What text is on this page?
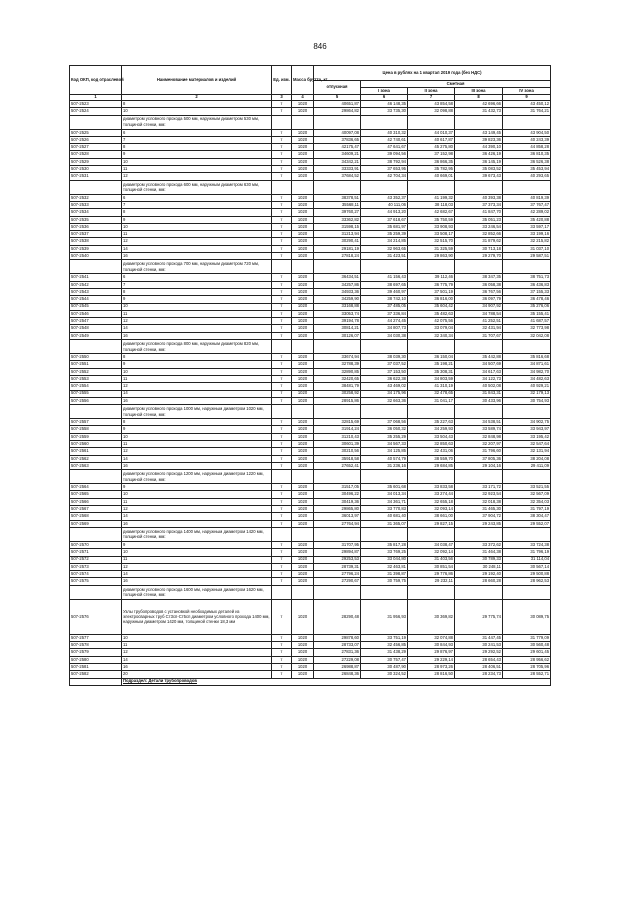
846
Код ОКП, код отраслевой	Наименование материалов и изделий	Ед. изм.	Масса брутто, кг	Цена в рублях на 1 квартал 2019 года (без НДС)				
				отпускная	Сметная			
					I зона	II зона	III зона	IV зона
1	2	3	4	5	6	7	8	9
507-2523	8	т	1020	40651,87	46 148,35	43 854,58	42 696,66	43 450,12
507-2524	10	т	1020	29864,82	33 735,30	32 098,88	31 432,73	31 764,21
	диаметром условного прохода 500 мм, наружным диаметром 530 мм, толщиной стенки, мм:							
507-2525	6	т	1020	40097,08	40 310,32	44 010,37	43 149,45	43 904,50
507-2526	7	т	1020	37836,65	42 740,61	40 617,87	39 823,36	40 243,39
507-2527	8	т	1020	42175,47	47 641,67	45 275,80	44 390,10	44 858,28
507-2528	9	т	1020	34609,21	39 094,56	37 152,98	36 426,19	36 810,35
507-2529	10	т	1020	34342,21	38 792,94	36 866,35	36 145,19	36 526,38
507-2530	11	т	1020	33333,91	37 653,95	35 782,95	35 083,52	35 453,94
507-2531	12	т	1020	37684,52	42 704,34	40 669,01	39 673,43	40 293,65
	диаметром условного прохода 600 мм, наружным диаметром 630 мм, толщиной стенки, мм:							
507-2532	6	т	1020	38378,51	43 352,37	41 199,32	40 393,38	40 819,39
507-2533	7	т	1020	35568,11	40 111,06	38 118,03	37 373,34	37 767,47
507-2534	8	т	1020	39760,27	44 913,20	42 682,67	41 847,70	42 289,02
507-2535	9	т	1020	33362,82	37 618,67	35 750,59	35 051,23	35 420,88
507-2536	10	т	1020	31598,15	35 681,97	33 908,93	33 246,54	33 597,17
507-2537	11	т	1020	31213,94	35 259,39	33 508,17	32 852,66	33 199,16
507-2538	12	т	1020	30290,41	34 214,85	32 515,70	31 879,62	32 215,82
507-2539	14	т	1020	29181,19	32 963,65	31 325,59	30 713,18	31 037,10
507-2540	16	т	1020	27818,24	31 423,51	29 863,90	29 279,70	29 587,51
	диаметром условного прохода 700 мм, наружным диаметром 720 мм, толщиной стенки, мм:							
507-2541	6	т	1020	36434,51	41 156,43	39 112,46	38 347,35	38 751,73
507-2542	7	т	1020	34257,86	38 697,65	36 775,79	36 058,38	36 436,83
507-2543	8	т	1020	34933,36	39 460,97	37 501,19	36 767,56	37 155,33
507-2544	9	т	1020	34259,90	38 742,10	36 816,00	36 097,79	36 478,46
507-2545	10	т	1020	33168,88	37 485,05	35 604,42	34 907,92	35 276,06
507-2546	11	т	1020	33053,74	37 336,84	35 482,63	34 788,54	35 155,41
507-2547	12	т	1020	39194,78	44 274,45	42 075,56	41 252,51	41 687,57
507-2548	14	т	1020	30814,21	34 807,73	33 079,04	32 431,94	32 773,98
507-2549	16	т	1020	30126,07	34 030,38	32 340,34	31 707,67	32 042,08
	диаметром условного прохода 800 мм, наружным диаметром 820 мм, толщиной стенки, мм:							
507-2550	8	т	1020	33674,94	38 039,30	36 150,04	35 442,88	35 816,68
507-2551	9	т	1020	32788,39	37 037,52	35 198,21	34 507,69	34 871,61
507-2552	10	т	1020	32890,85	37 153,50	35 308,31	34 617,63	34 982,70
507-2553	11	т	1020	32420,65	36 622,38	34 803,59	34 122,73	34 482,63
507-2554	12	т	1020	38481,79	43 469,02	41 310,19	40 502,08	40 929,21
507-2555	14	т	1020	30258,92	34 175,96	32 478,65	31 843,31	32 179,13
507-2556	16	т	1020	28915,86	32 663,36	31 041,17	30 433,96	30 754,93
	диаметром условного прохода 1000 мм, наружным диаметром 1020 мм, толщиной стенки, мм:							
507-2557	8	т	1020	32815,69	37 068,56	35 227,63	34 538,51	34 902,75
507-2558	9	т	1020	31914,24	36 050,32	34 259,93	33 589,74	33 943,97
507-2559	10	т	1020	31210,43	35 255,29	33 504,43	32 848,98	33 195,42
507-2560	11	т	1020	30601,39	34 567,33	32 850,63	32 207,97	32 547,64
507-2561	12	т	1020	30210,56	34 125,85	32 431,06	31 796,60	32 131,94
507-2562	14	т	1020	35918,58	40 574,79	38 559,70	37 805,36	38 204,08
507-2563	16	т	1020	27652,41	31 236,16	29 684,85	29 104,16	29 411,09
	диаметром условного прохода 1200 мм, наружным диаметром 1220 мм, толщиной стенки, мм:							
507-2564	9	т	1020	31517,05	35 601,68	33 833,58	33 171,72	33 521,55
507-2565	10	т	1020	30496,22	34 013,34	33 274,44	32 923,54	32 567,09
507-2566	11	т	1020	30419,36	34 361,71	32 655,18	32 018,38	32 354,03
507-2567	12	т	1020	29865,80	33 770,83	32 093,14	31 465,30	31 797,19
507-2568	14	т	1020	36013,97	40 681,40	38 661,00	37 904,72	38 304,47
507-2569	16	т	1020	27764,94	31 365,07	29 827,15	29 243,85	29 552,07
	диаметром условного прохода 1400 мм, наружным диаметром 1420 мм, толщиной стенки, мм:							
507-2570	9	т	1020	31707,95	35 817,28	34 038,47	33 372,62	33 724,38
507-2571	10	т	1020	29894,87	33 769,25	32 092,14	31 464,38	31 796,19
507-2572	11	т	1020	29253,53	33 044,80	31 403,56	30 789,33	31 114,04
507-2573	12	т	1020	28739,31	32 463,81	30 851,54	30 248,11	30 567,14
507-2574	14	т	1020	27796,24	31 398,87	29 776,86	29 192,40	29 500,88
507-2575	16	т	1020	27290,67	30 759,75	29 232,11	28 660,28	28 962,53
	диаметром условного прохода 1600 мм, наружным диаметром 1620 мм, толщиной стенки, мм:							
507-2576	Узлы трубопроводов с установкой необходимых деталей из электросварных труб Ст3сп-Ст5сп диаметром условного прохода 1400 мм, наружным диаметром 1420 мм, толщиной стенки 18,3 мм	т	1020	28290,48	31 956,93	30 369,82	29 775,74	30 089,75
507-2577	10	т	1020	29878,60	33 751,19	32 074,88	31 447,45	31 779,09
507-2578	11	т	1020	28733,07	32 456,85	30 844,93	30 241,53	30 560,48
507-2579	12	т	1020	27831,36	31 438,29	29 876,97	29 292,52	29 601,45
507-2580	14	т	1020	27229,08	30 757,47	29 229,14	28 654,43	28 956,62
507-2581	16	т	1020	26988,87	30 487,90	28 973,26	28 406,51	28 705,96
507-2582	20	т	1020	26848,36	30 324,52	28 816,50	28 234,73	28 552,71
	Подраздел: Детали трубопроводов							
